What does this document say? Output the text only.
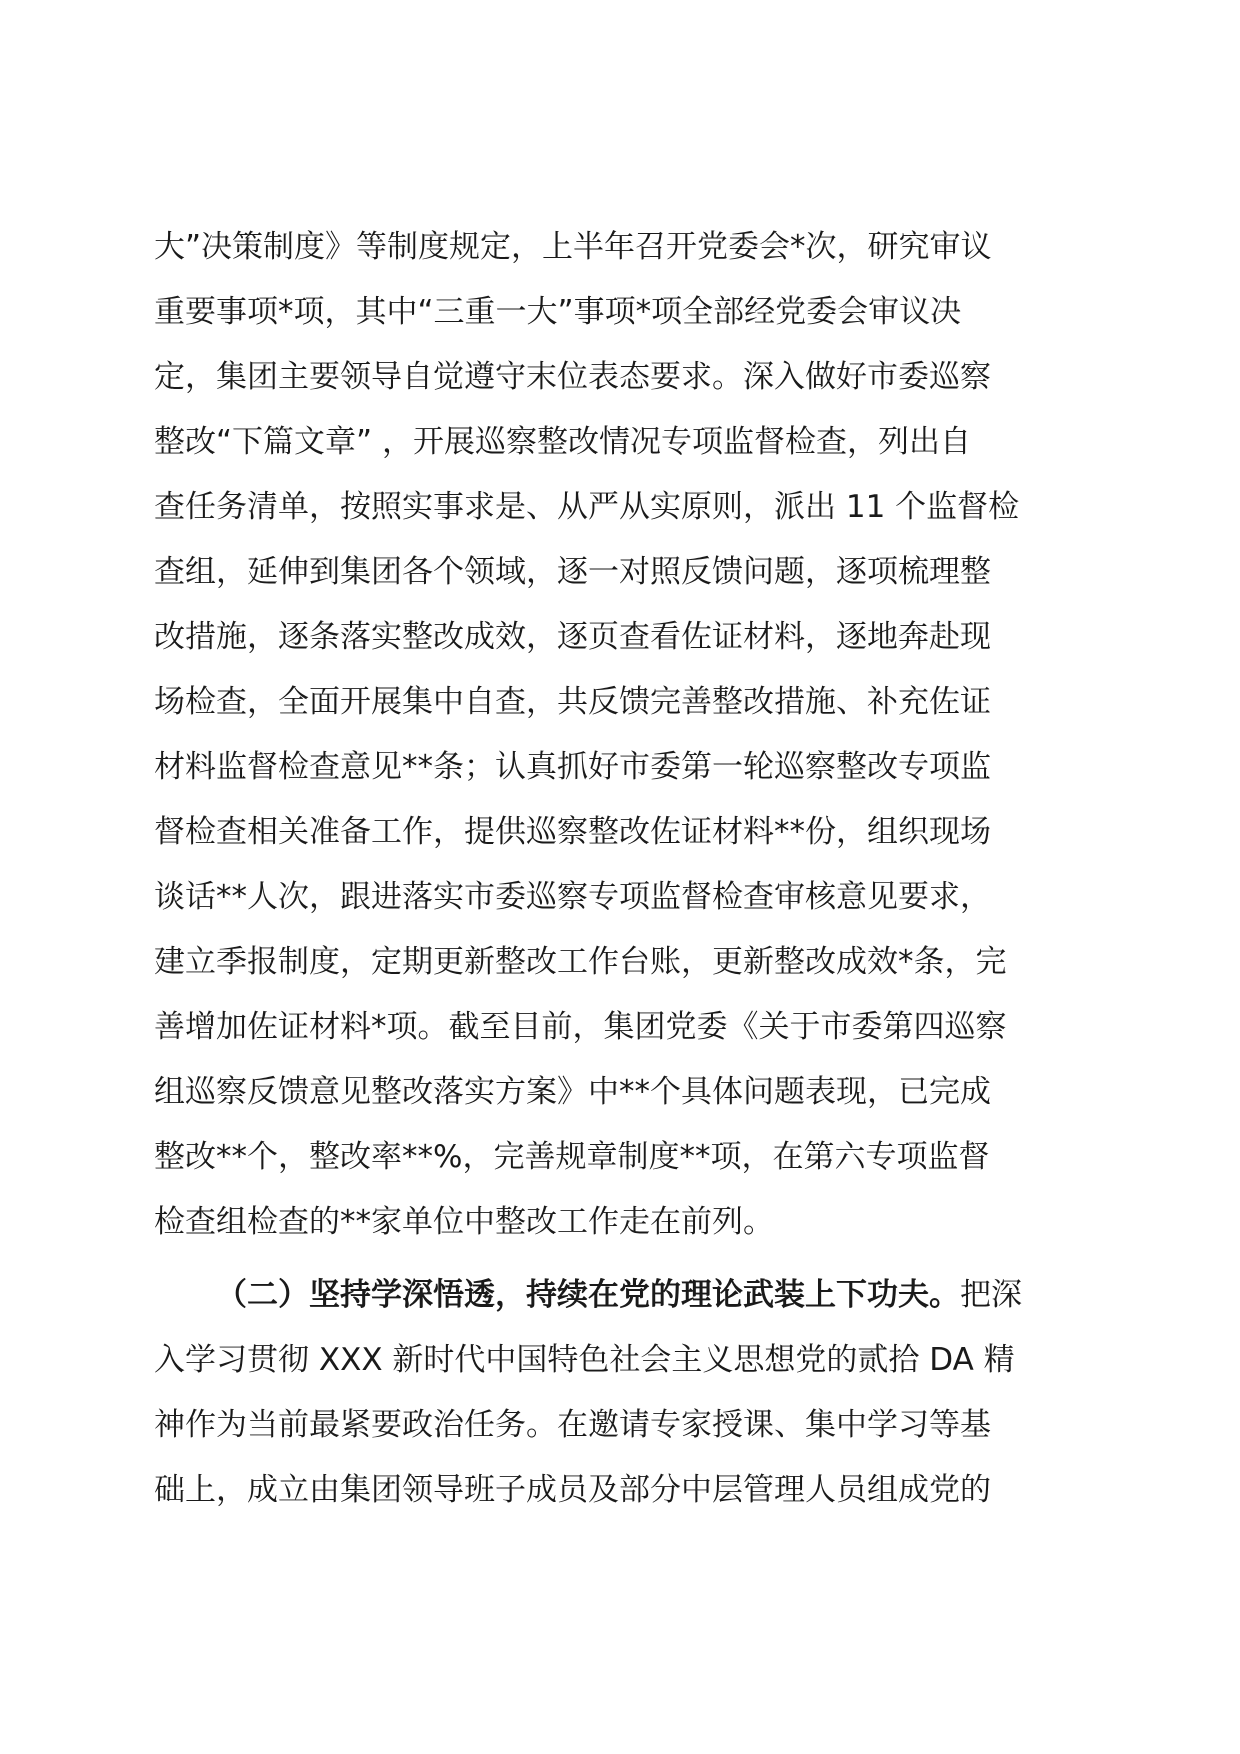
大”决策制度》等制度规定，上半年召开党委会*次，研究审议
重要事项*项，其中“三重一大”事项*项全部经党委会审议决
定，集团主要领导自觉遵守末位表态要求。深入做好市委巡察
整改“下篇文章” ，开展巡察整改情况专项监督检查，列出自
查任务清单，按照实事求是、从严从实原则，派出 11 个监督检
查组，延伸到集团各个领域，逐一对照反馈问题，逐项梳理整
改措施，逐条落实整改成效，逐页查看佐证材料，逐地奔赴现
场检查，全面开展集中自查，共反馈完善整改措施、补充佐证
材料监督检查意见**条；认真抓好市委第一轮巡察整改专项监
督检查相关准备工作，提供巡察整改佐证材料**份，组织现场
谈话**人次，跟进落实市委巡察专项监督检查审核意见要求，
建立季报制度，定期更新整改工作台账，更新整改成效*条，完
善增加佐证材料*项。截至目前，集团党委《关于市委第四巡察
组巡察反馈意见整改落实方案》中**个具体问题表现，已完成
整改**个，整改率**%，完善规章制度**项，在第六专项监督
检查组检查的**家单位中整改工作走在前列。
（二）坚持学深悟透，持续在党的理论武装上下功夫。把深
入学习贯彻 XXX 新时代中国特色社会主义思想党的贰拾 DA 精
神作为当前最紧要政治任务。在邀请专家授课、集中学习等基
础上，成立由集团领导班子成员及部分中层管理人员组成党的
